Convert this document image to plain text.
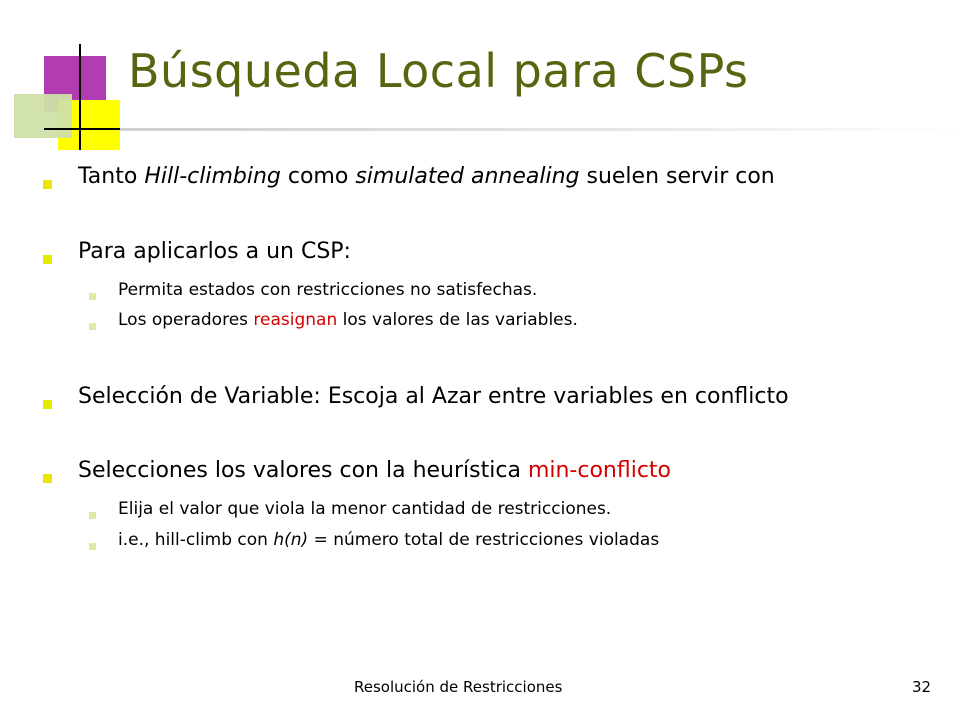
Búsqueda Local para CSPs
Tanto Hill-climbing como simulated annealing suelen servir con
Para aplicarlos a un CSP:
Permita estados con restricciones no satisfechas.
Los operadores reasignan los valores de las variables.
Selección de Variable: Escoja al Azar entre variables en conflicto
Selecciones los valores con la heurística min-conflicto
Elija el valor que viola la menor cantidad de restricciones.
i.e., hill-climb con h(n) = número total de restricciones violadas
Resolución de Restricciones	32
